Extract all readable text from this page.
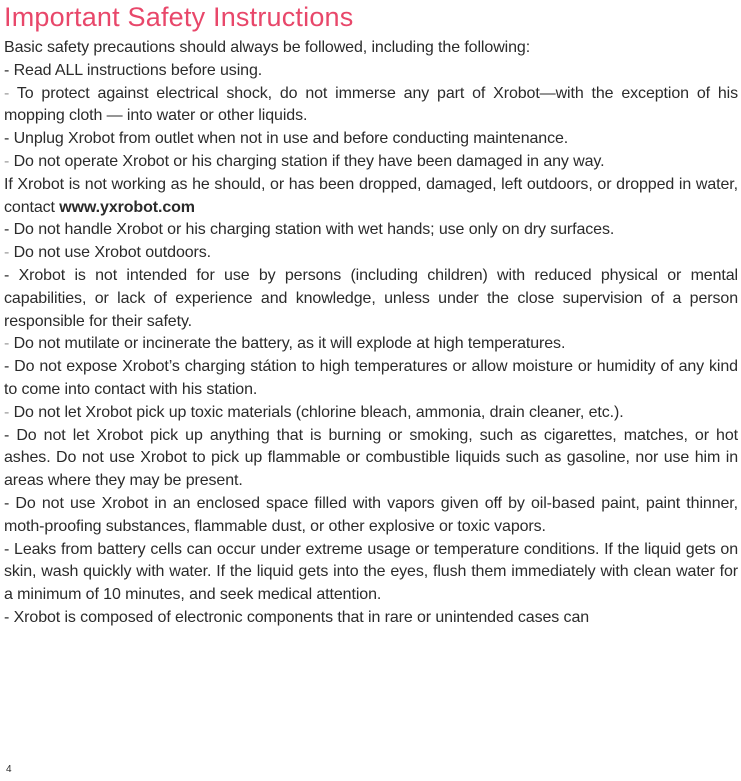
Important Safety Instructions

Basic safety precautions should always be followed, including the following:

- Read ALL instructions before using.

- To protect against electrical shock, do not immerse any part of Xrobot—with the exception of his mopping cloth — into water or other liquids.

- Unplug Xrobot from outlet when not in use and before conducting maintenance.

- Do not operate Xrobot or his charging station if they have been damaged in any way.

If Xrobot is not working as he should, or has been dropped, damaged, left outdoors, or dropped in water, contact www.yxrobot.com

- Do not handle Xrobot or his charging station with wet hands; use only on dry surfaces.

- Do not use Xrobot outdoors.

- Xrobot is not intended for use by persons (including children) with reduced physical or mental capabilities, or lack of experience and knowledge, unless under the close supervision of a person responsible for their safety.

- Do not mutilate or incinerate the battery, as it will explode at high temperatures.

- Do not expose Xrobot’s charging státion to high temperatures or allow moisture or humidity of any kind to come into contact with his station.

- Do not let Xrobot pick up toxic materials (chlorine bleach, ammonia, drain cleaner, etc.).

- Do not let Xrobot pick up anything that is burning or smoking, such as cigarettes, matches, or hot ashes. Do not use Xrobot to pick up flammable or combustible liquids such as gasoline, nor use him in areas where they may be present.

- Do not use Xrobot in an enclosed space filled with vapors given off by oil-based paint, paint thinner, moth-proofing substances, flammable dust, or other explosive or toxic vapors.

- Leaks from battery cells can occur under extreme usage or temperature conditions. If the liquid gets on skin, wash quickly with water. If the liquid gets into the eyes, flush them immediately with clean water for a minimum of 10 minutes, and seek medical attention.

- Xrobot is composed of electronic components that in rare or unintended cases can

4
